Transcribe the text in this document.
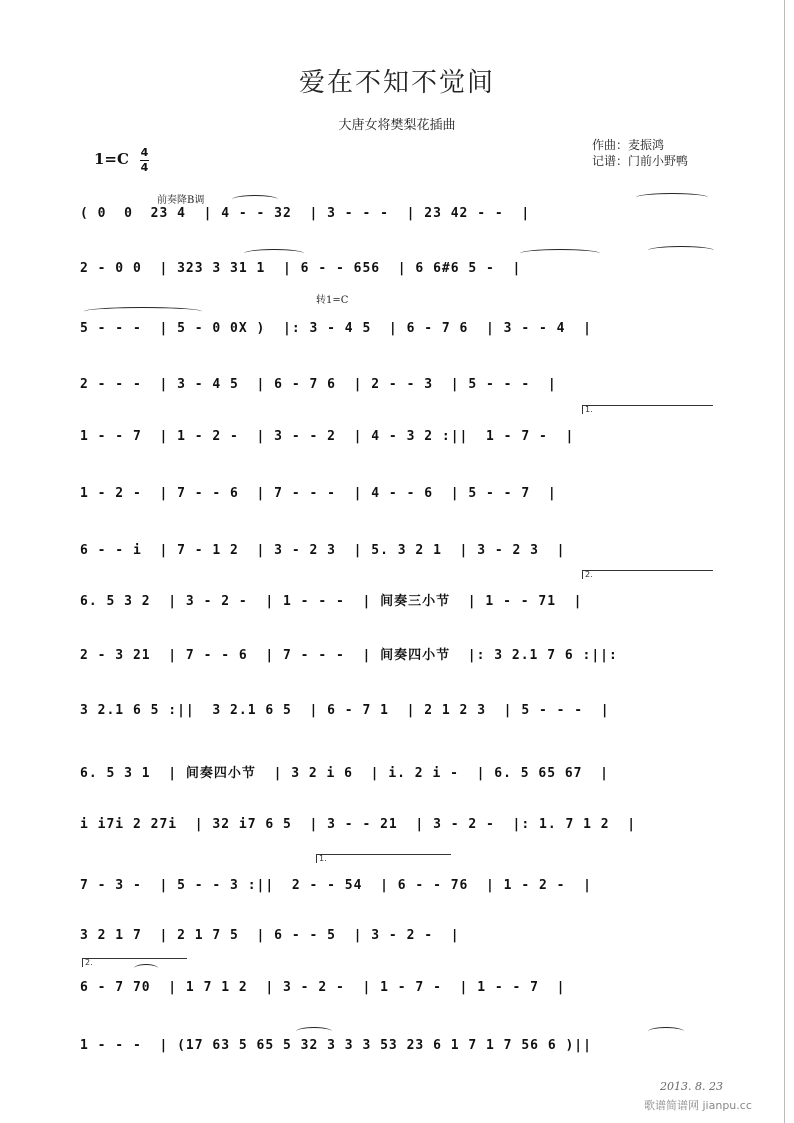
爱在不知不觉间
大唐女将樊梨花插曲
作曲：麦振鸿
记谱：门前小野鸭
1=C 4
4
前奏降B调
转1=C
1.
2.
1.
2.
( 0  0  23 4  | 4 - - 32  | 3 - - -  | 23 42 - -  |
2 - 0 0  | 323 3 31 1  | 6 - - 656  | 6 6#6 5 -  |
5 - - -  | 5 - 0 0X )  |: 3 - 4 5  | 6 - 7 6  | 3 - - 4  |
2 - - -  | 3 - 4 5  | 6 - 7 6  | 2 - - 3  | 5 - - -  |
1 - - 7  | 1 - 2 -  | 3 - - 2  | 4 - 3 2 :||  1 - 7 -  |
1 - 2 -  | 7 - - 6  | 7 - - -  | 4 - - 6  | 5 - - 7  |
6 - - i  | 7 - 1 2  | 3 - 2 3  | 5. 3 2 1  | 3 - 2 3  |
6. 5 3 2  | 3 - 2 -  | 1 - - -  | 间奏三小节  | 1 - - 71  |
2 - 3 21  | 7 - - 6  | 7 - - -  | 间奏四小节  |: 3 2.1 7 6 :||:
3 2.1 6 5 :||  3 2.1 6 5  | 6 - 7 1  | 2 1 2 3  | 5 - - -  |
6. 5 3 1  | 间奏四小节  | 3 2 i 6  | i. 2 i -  | 6. 5 65 67  |
i i7i 2 27i  | 32 i7 6 5  | 3 - - 21  | 3 - 2 -  |: 1. 7 1 2  |
7 - 3 -  | 5 - - 3 :||  2 - - 54  | 6 - - 76  | 1 - 2 -  |
3 2 1 7  | 2 1 7 5  | 6 - - 5  | 3 - 2 -  |
6 - 7 70  | 1 7 1 2  | 3 - 2 -  | 1 - 7 -  | 1 - - 7  |
1 - - -  | (17 63 5 65 5 32 3 3 3 53 23 6 1 7 1 7 56 6 )||
2013. 8. 23
歌谱简谱网 jianpu.cc
